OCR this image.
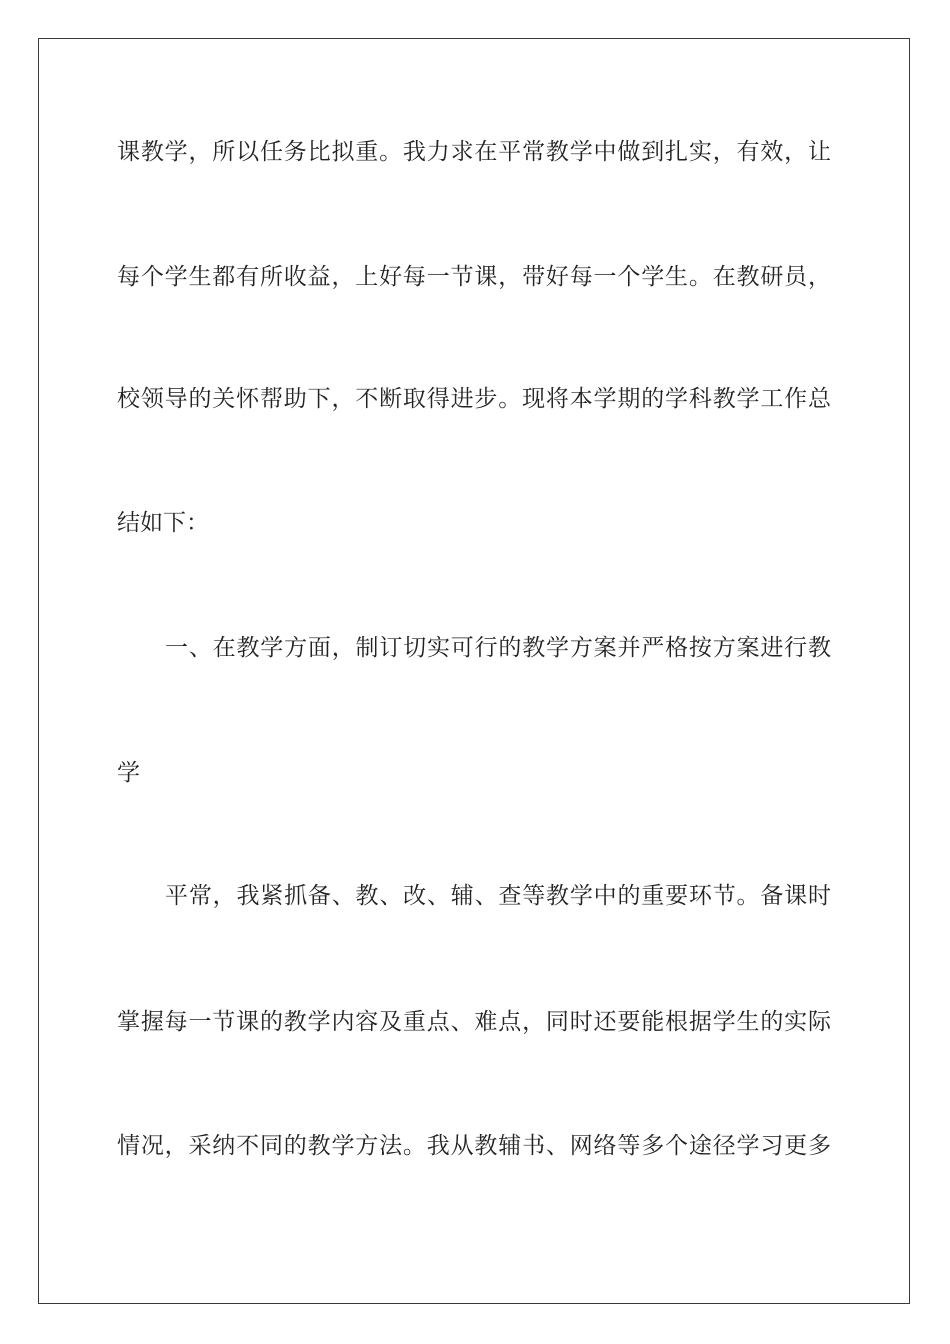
课教学，所以任务比拟重。我力求在平常教学中做到扎实，有效，让

每个学生都有所收益，上好每一节课，带好每一个学生。在教研员，

校领导的关怀帮助下，不断取得进步。现将本学期的学科教学工作总

结如下：

一、在教学方面，制订切实可行的教学方案并严格按方案进行教

学

平常，我紧抓备、教、改、辅、查等教学中的重要环节。备课时

掌握每一节课的教学内容及重点、难点，同时还要能根据学生的实际

情况，采纳不同的教学方法。我从教辅书、网络等多个途径学习更多
